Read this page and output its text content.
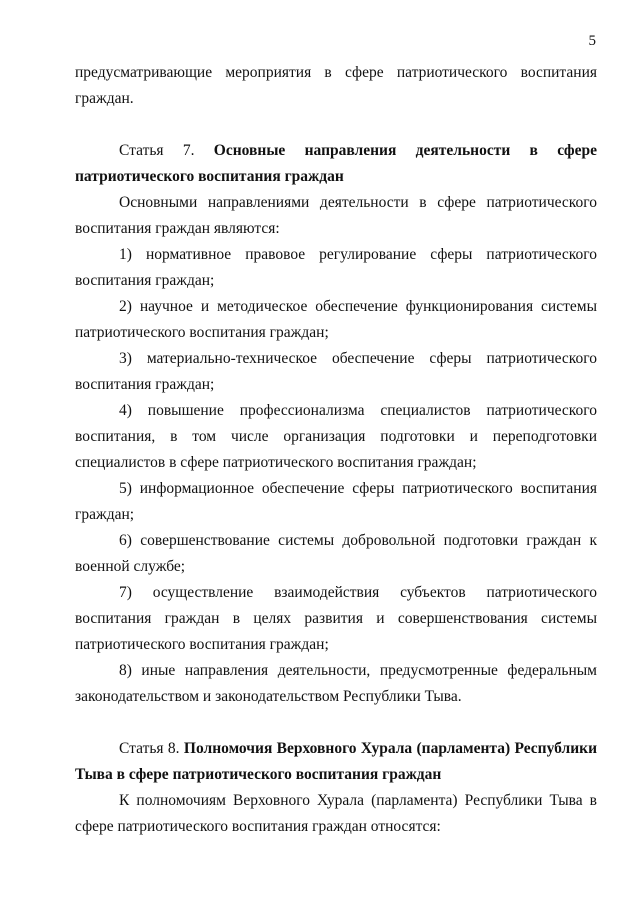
5

предусматривающие мероприятия в сфере патриотического воспитания граждан.

Статья 7. Основные направления деятельности в сфере патриотического воспитания граждан

Основными направлениями деятельности в сфере патриотического воспитания граждан являются:

1) нормативное правовое регулирование сферы патриотического воспитания граждан;

2) научное и методическое обеспечение функционирования системы патриотического воспитания граждан;

3) материально-техническое обеспечение сферы патриотического воспитания граждан;

4) повышение профессионализма специалистов патриотического воспитания, в том числе организация подготовки и переподготовки специалистов в сфере патриотического воспитания граждан;

5) информационное обеспечение сферы патриотического воспитания граждан;

6) совершенствование системы добровольной подготовки граждан к военной службе;

7) осуществление взаимодействия субъектов патриотического воспитания граждан в целях развития и совершенствования системы патриотического воспитания граждан;

8) иные направления деятельности, предусмотренные федеральным законодательством и законодательством Республики Тыва.

Статья 8. Полномочия Верховного Хурала (парламента) Республики Тыва в сфере патриотического воспитания граждан

К полномочиям Верховного Хурала (парламента) Республики Тыва в сфере патриотического воспитания граждан относятся:
